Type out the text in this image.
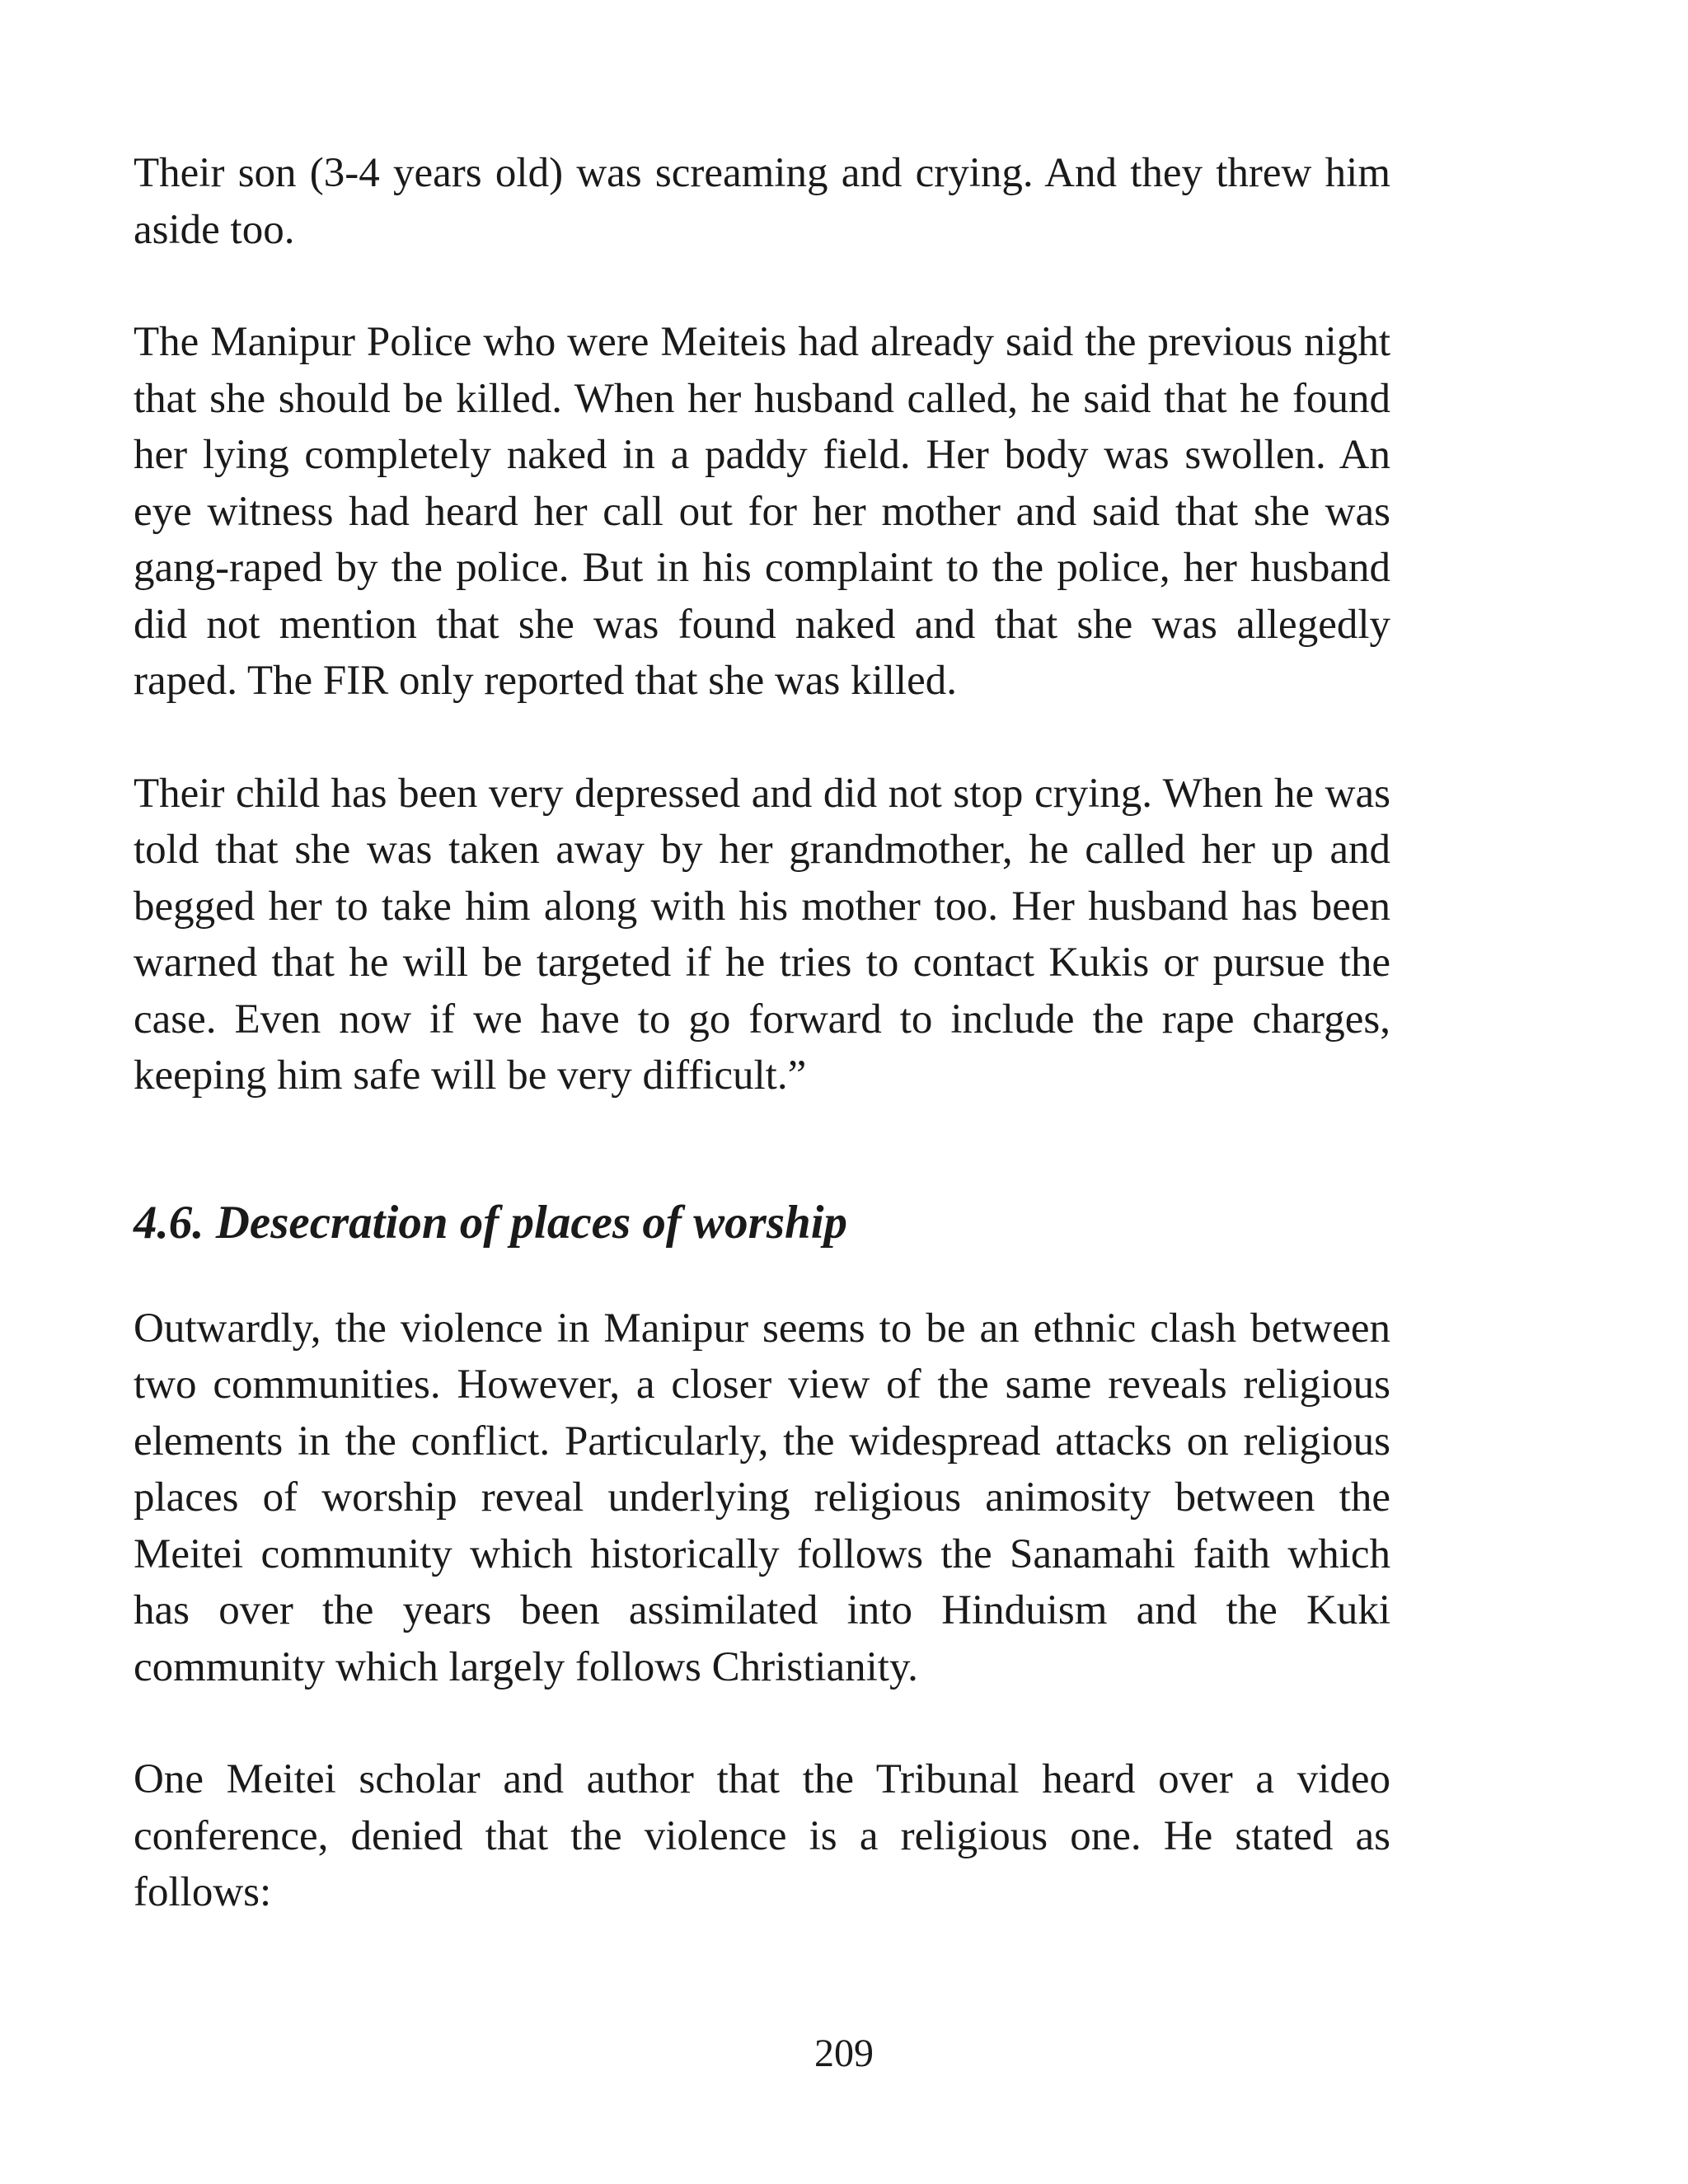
Their son (3-4 years old) was screaming and crying. And they threw him aside too.

The Manipur Police who were Meiteis had already said the previous night that she should be killed. When her husband called, he said that he found her lying completely naked in a paddy field. Her body was swollen. An eye witness had heard her call out for her mother and said that she was gang-raped by the police. But in his complaint to the police, her husband did not mention that she was found naked and that she was allegedly raped. The FIR only reported that she was killed.

Their child has been very depressed and did not stop crying. When he was told that she was taken away by her grandmother, he called her up and begged her to take him along with his mother too. Her husband has been warned that he will be targeted if he tries to contact Kukis or pursue the case. Even now if we have to go forward to include the rape charges, keeping him safe will be very difficult.”

4.6. Desecration of places of worship

Outwardly, the violence in Manipur seems to be an ethnic clash between two communities. However, a closer view of the same reveals religious elements in the conflict. Particularly, the widespread attacks on religious places of worship reveal underlying religious animosity between the Meitei community which historically follows the Sanamahi faith which has over the years been assimilated into Hinduism and the Kuki community which largely follows Christianity.

One Meitei scholar and author that the Tribunal heard over a video conference, denied that the violence is a religious one. He stated as follows:

209
